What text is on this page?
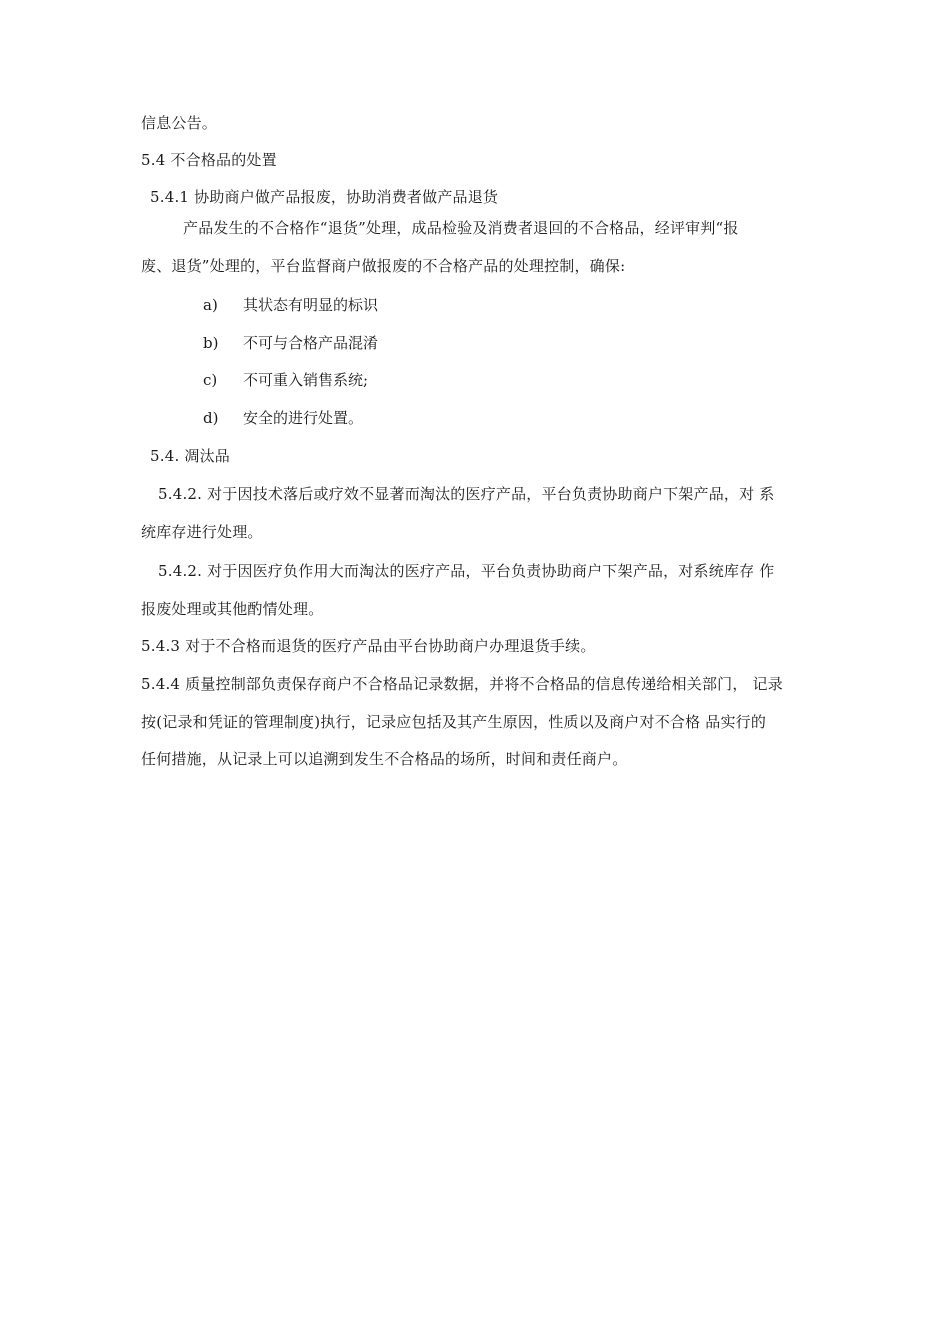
信息公告。
5.4 不合格品的处置
5.4.1 协助商户做产品报废，协助消费者做产品退货
产品发生的不合格作“退货”处理，成品检验及消费者退回的不合格品，经评审判“报
废、退货”处理的，平台监督商户做报废的不合格产品的处理控制，确保:
a) 其状态有明显的标识
b) 不可与合格产品混淆
c) 不可重入销售系统;
d) 安全的进行处置。
5.4. 凋汰品
5.4.2. 对于因技术落后或疗效不显著而淘汰的医疗产品，平台负责协助商户下架产品，对 系
统库存进行处理。
5.4.2. 对于因医疗负作用大而淘汰的医疗产品，平台负责协助商户下架产品，对系统库存 作
报废处理或其他酌情处理。
5.4.3 对于不合格而退货的医疗产品由平台协助商户办理退货手续。
5.4.4 质量控制部负责保存商户不合格品记录数据，并将不合格品的信息传递给相关部门， 记录
按(记录和凭证的管理制度)执行，记录应包括及其产生原因，性质以及商户对不合格 品实行的
任何措施，从记录上可以追溯到发生不合格品的场所，时间和责任商户。
